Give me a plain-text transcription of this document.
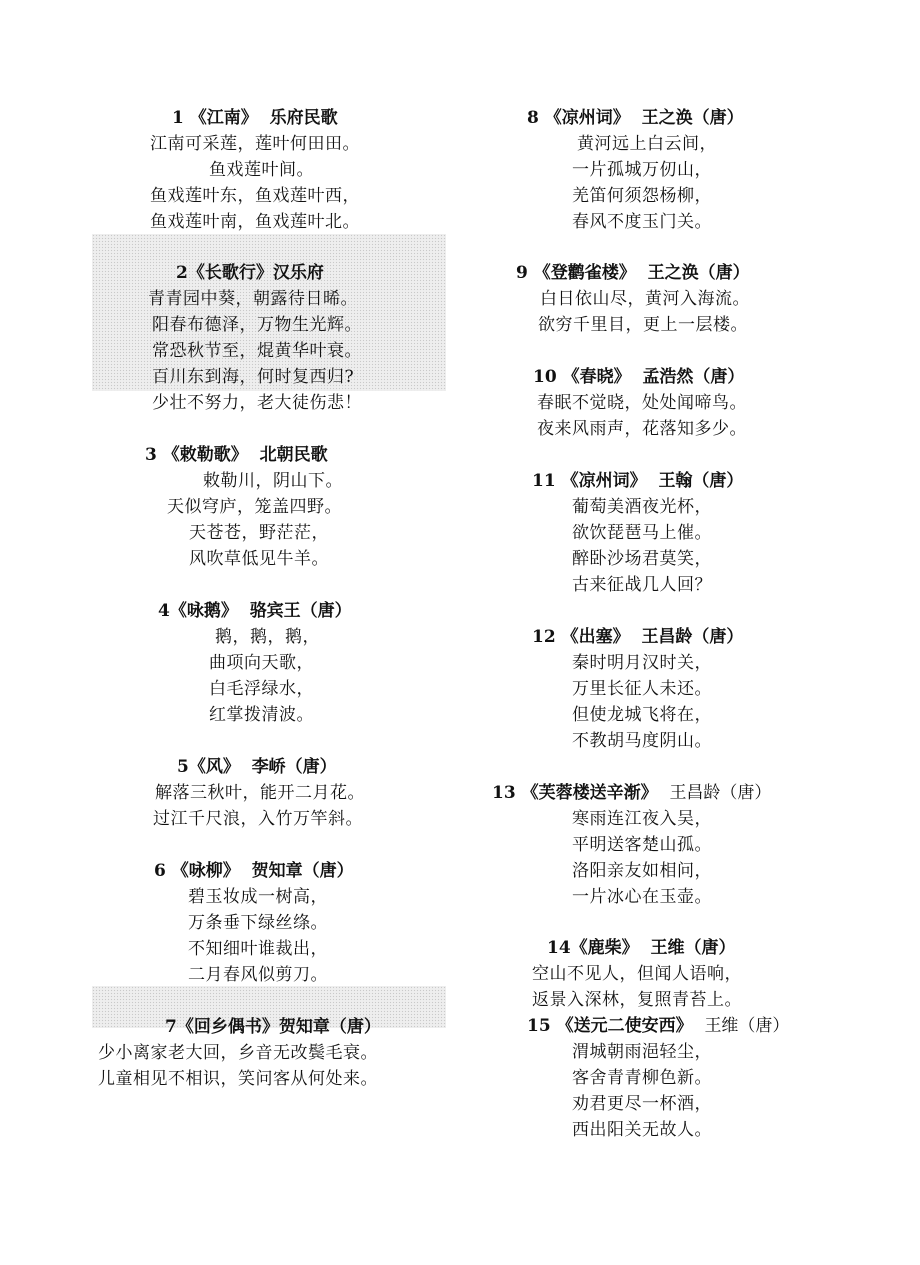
1 《江南》 乐府民歌
江南可采莲，莲叶何田田。
鱼戏莲叶间。
鱼戏莲叶东，鱼戏莲叶西，
鱼戏莲叶南，鱼戏莲叶北。
2《长歌行》汉乐府
青青园中葵，朝露待日晞。
阳春布德泽，万物生光辉。
常恐秋节至，焜黄华叶衰。
百川东到海，何时复西归?
少壮不努力，老大徒伤悲！
3 《敕勒歌》 北朝民歌
敕勒川，阴山下。
天似穹庐，笼盖四野。
天苍苍，野茫茫，
风吹草低见牛羊。
4《咏鹅》 骆宾王（唐）
鹅，鹅，鹅，
曲项向天歌，
白毛浮绿水，
红掌拨清波。
5《风》 李峤（唐）
解落三秋叶，能开二月花。
过江千尺浪，入竹万竿斜。
6 《咏柳》 贺知章（唐）
碧玉妆成一树高，
万条垂下绿丝绦。
不知细叶谁裁出，
二月春风似剪刀。
7《回乡偶书》贺知章（唐）
少小离家老大回，乡音无改鬓毛衰。
儿童相见不相识，笑问客从何处来。
8 《凉州词》 王之涣（唐）
黄河远上白云间，
一片孤城万仞山，
羌笛何须怨杨柳，
春风不度玉门关。
9 《登鹳雀楼》 王之涣（唐）
白日依山尽，黄河入海流。
欲穷千里目，更上一层楼。
10 《春晓》 孟浩然（唐）
春眠不觉晓，处处闻啼鸟。
夜来风雨声，花落知多少。
11 《凉州词》 王翰（唐）
葡萄美酒夜光杯，
欲饮琵琶马上催。
醉卧沙场君莫笑，
古来征战几人回？
12 《出塞》 王昌龄（唐）
秦时明月汉时关，
万里长征人未还。
但使龙城飞将在，
不教胡马度阴山。
13 《芙蓉楼送辛渐》 王昌龄（唐）
寒雨连江夜入吴，
平明送客楚山孤。
洛阳亲友如相问，
一片冰心在玉壶。
14《鹿柴》 王维（唐）
空山不见人，但闻人语响，
返景入深林，复照青苔上。
15 《送元二使安西》 王维（唐）
渭城朝雨浥轻尘，
客舍青青柳色新。
劝君更尽一杯酒，
西出阳关无故人。
